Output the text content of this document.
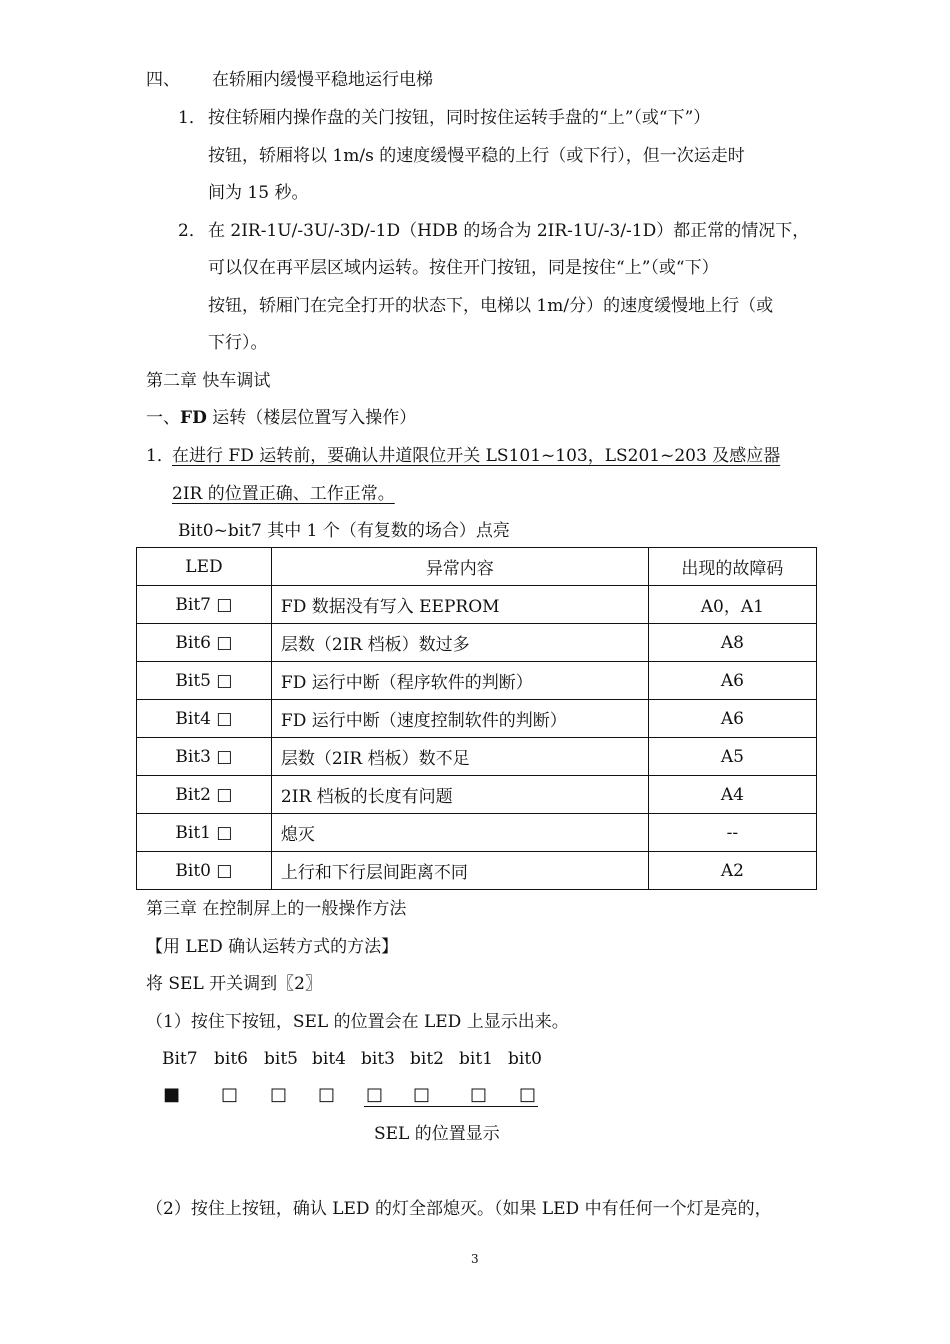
四、 在轿厢内缓慢平稳地运行电梯
1． 按住轿厢内操作盘的关门按钮，同时按住运转手盘的“上”（或“下”）
按钮，轿厢将以 1m/s 的速度缓慢平稳的上行（或下行），但一次运走时
间为 15 秒。
2． 在 2IR-1U/-3U/-3D/-1D（HDB 的场合为 2IR-1U/-3/-1D）都正常的情况下，
可以仅在再平层区域内运转。按住开门按钮，同是按住“上”（或“下）
按钮，轿厢门在完全打开的状态下，电梯以 1m/分）的速度缓慢地上行（或
下行）。
第二章 快车调试
一、FD 运转（楼层位置写入操作）
1．
在进行 FD 运转前，要确认井道限位开关 LS101~103，LS201~203 及感应器
2IR 的位置正确、工作正常。
Bit0~bit7 其中 1 个（有复数的场合）点亮
LED	异常内容	出现的故障码
Bit7 □	FD 数据没有写入 EEPROM	A0，A1
Bit6 □	层数（2IR 档板）数过多	A8
Bit5 □	FD 运行中断（程序软件的判断）	A6
Bit4 □	FD 运行中断（速度控制软件的判断）	A6
Bit3 □	层数（2IR 档板）数不足	A5
Bit2 □	2IR 档板的长度有问题	A4
Bit1 □	熄灭	--
Bit0 □	上行和下行层间距离不同	A2
第三章 在控制屏上的一般操作方法
【用 LED 确认运转方式的方法】
将 SEL 开关调到〖2〗
（1）按住下按钮，SEL 的位置会在 LED 上显示出来。
Bit7 bit6 bit5 bit4 bit3 bit2 bit1 bit0
■ □ □ □ □ □ □ □
SEL 的位置显示
（2）按住上按钮，确认 LED 的灯全部熄灭。（如果 LED 中有任何一个灯是亮的，
3
